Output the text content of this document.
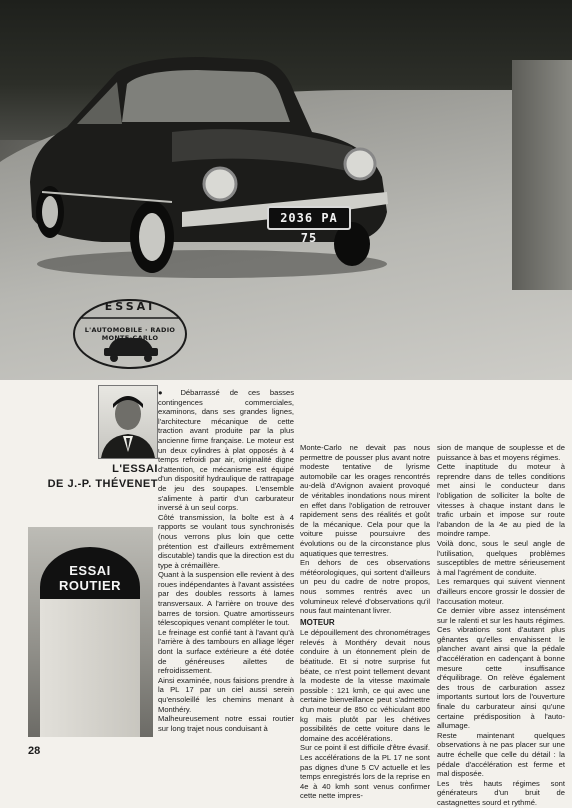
2036 PA 75
ESSAI
L'AUTOMOBILE · RADIO MONTE-CARLO
L'ESSAI
DE J.-P. THÉVENET
ESSAI ROUTIER

● Débarrassé de ces basses contingences commerciales, examinons, dans ses grandes lignes, l'architecture mécanique de cette traction avant produite par la plus ancienne firme française. Le moteur est un deux cylindres à plat opposés à 4 temps refroidi par air, originalité digne d'attention, ce mécanisme est équipé d'un dispositif hydraulique de rattrapage de jeu des soupapes. L'ensemble s'alimente à partir d'un carburateur inversé à un seul corps.

Côté transmission, la boîte est à 4 rapports se voulant tous synchronisés (nous verrons plus loin que cette prétention est d'ailleurs extrêmement discutable) tandis que la direction est du type à crémaillère.

Quant à la suspension elle revient à des roues indépendantes à l'avant assistées par des doubles ressorts à lames transversaux. A l'arrière on trouve des barres de torsion. Quatre amortisseurs télescopiques venant compléter le tout.

Le freinage est confié tant à l'avant qu'à l'arrière à des tambours en alliage léger dont la surface extérieure a été dotée de généreuses ailettes de refroidissement.

Ainsi examinée, nous faisions prendre à la PL 17 par un ciel aussi serein qu'ensoleillé les chemins menant à Monthéry.

Malheureusement notre essai routier sur long trajet nous conduisant à

Monte-Carlo ne devait pas nous permettre de pousser plus avant notre modeste tentative de lyrisme automobile car les orages rencontrés au-delà d'Avignon avaient provoqué de véritables inondations nous mirent en effet dans l'obligation de retrouver rapidement sens des réalités et goût de la mécanique. Cela pour que la voiture puisse poursuivre des évolutions ou de la circonstance plus aquatiques que terrestres.

En dehors de ces observations météorologiques, qui sortent d'ailleurs un peu du cadre de notre propos, nous sommes rentrés avec un volumineux relevé d'observations qu'il nous faut maintenant livrer.

MOTEUR

Le dépouillement des chronométrages relevés à Monthéry devait nous conduire à un étonnement plein de béatitude. Et si notre surprise fut béate, ce n'est point tellement devant la modeste de la vitesse maximale possible : 121 kmh, ce qui avec une certaine bienveillance peut s'admettre d'un moteur de 850 cc véhiculant 800 kg mais plutôt par les chétives possibilités de cette voiture dans le domaine des accélérations.

Sur ce point il est difficile d'être évasif. Les accélérations de la PL 17 ne sont pas dignes d'une 5 CV actuelle et les temps enregistrés lors de la reprise en 4e à 40 kmh sont venus confirmer cette nette impres-

sion de manque de souplesse et de puissance à bas et moyens régimes.

Cette inaptitude du moteur à reprendre dans de telles conditions met ainsi le conducteur dans l'obligation de solliciter la boîte de vitesses à chaque instant dans le trafic urbain et impose sur route l'abandon de la 4e au pied de la moindre rampe.

Voilà donc, sous le seul angle de l'utilisation, quelques problèmes susceptibles de mettre sérieusement à mal l'agrément de conduite.

Les remarques qui suivent viennent d'ailleurs encore grossir le dossier de l'accusation moteur.

Ce dernier vibre assez intensément sur le ralenti et sur les hauts régimes. Ces vibrations sont d'autant plus gênantes qu'elles envahissent le plancher avant ainsi que la pédale d'accélération en cadençant à bonne mesure cette insuffisance d'équilibrage. On relève également des trous de carburation assez importants surtout lors de l'ouverture finale du carburateur ainsi qu'une certaine prédisposition à l'auto-allumage.

Reste maintenant quelques observations à ne pas placer sur une autre échelle que celle du détail : la pédale d'accélération est ferme et mal disposée.

Les très hauts régimes sont générateurs d'un bruit de castagnettes sourd et rythmé.

28
